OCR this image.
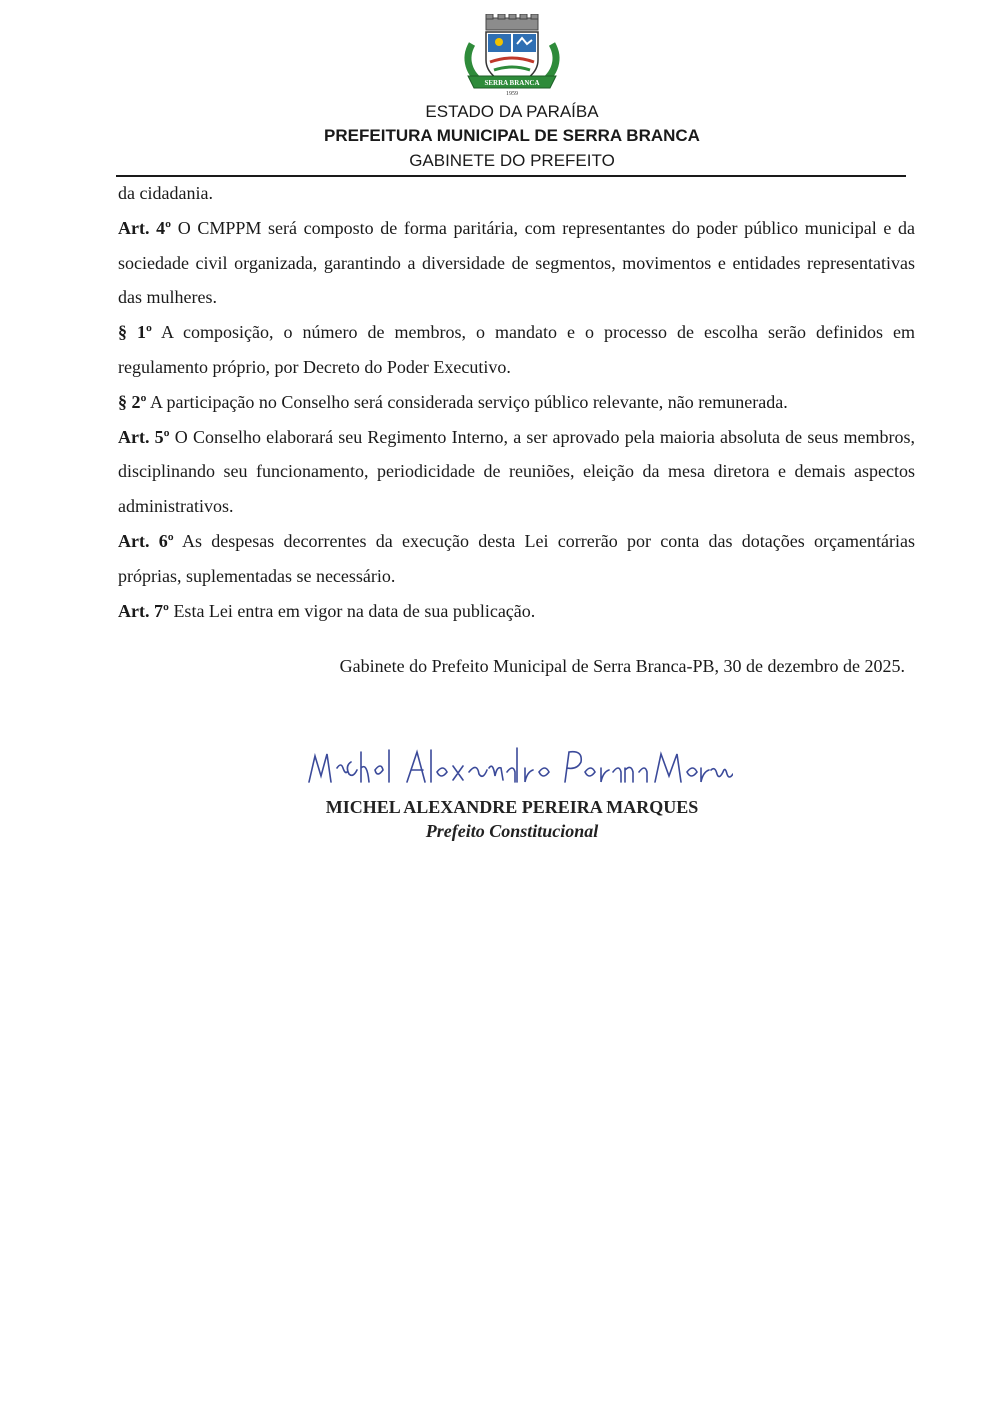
SERRA BRANCA
1959
ESTADO DA PARAÍBA
PREFEITURA MUNICIPAL DE SERRA BRANCA
GABINETE DO PREFEITO

da cidadania.

Art. 4º O CMPPM será composto de forma paritária, com representantes do poder público municipal e da sociedade civil organizada, garantindo a diversidade de segmentos, movimentos e entidades representativas das mulheres.

§ 1º A composição, o número de membros, o mandato e o processo de escolha serão definidos em regulamento próprio, por Decreto do Poder Executivo.

§ 2º A participação no Conselho será considerada serviço público relevante, não remunerada.

Art. 5º O Conselho elaborará seu Regimento Interno, a ser aprovado pela maioria absoluta de seus membros, disciplinando seu funcionamento, periodicidade de reuniões, eleição da mesa diretora e demais aspectos administrativos.

Art. 6º As despesas decorrentes da execução desta Lei correrão por conta das dotações orçamentárias próprias, suplementadas se necessário.

Art. 7º Esta Lei entra em vigor na data de sua publicação.

Gabinete do Prefeito Municipal de Serra Branca-PB, 30 de dezembro de 2025.
MICHEL ALEXANDRE PEREIRA MARQUES
Prefeito Constitucional
